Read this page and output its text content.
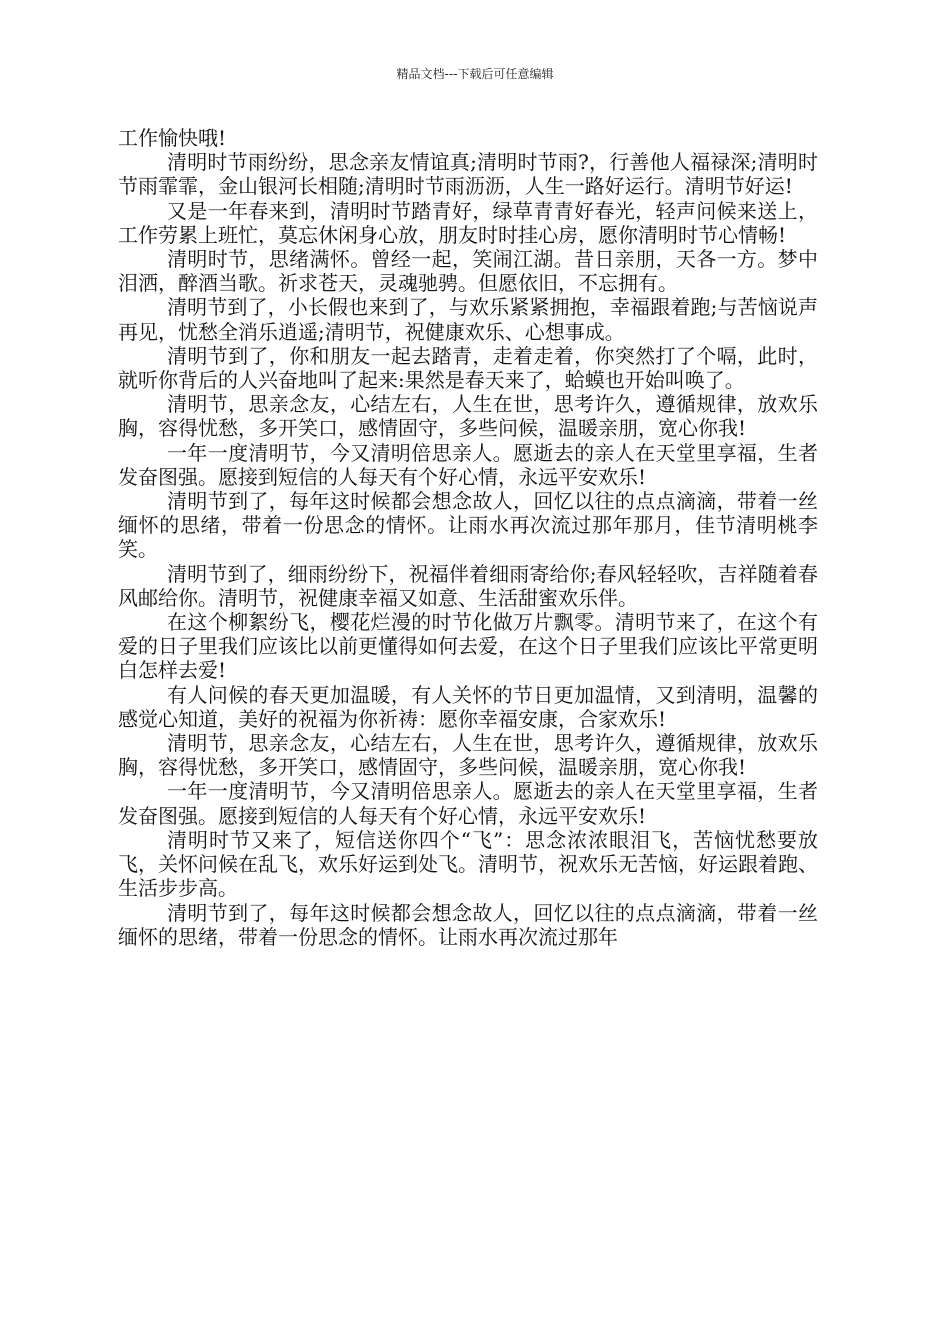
精品文档---下载后可任意编辑

工作愉快哦!

清明时节雨纷纷，思念亲友情谊真;清明时节雨?，行善他人福禄深;清明时节雨霏霏，金山银河长相随;清明时节雨沥沥，人生一路好运行。清明节好运!

又是一年春来到，清明时节踏青好，绿草青青好春光，轻声问候来送上，工作劳累上班忙，莫忘休闲身心放，朋友时时挂心房，愿你清明时节心情畅!

清明时节，思绪满怀。曾经一起，笑闹江湖。昔日亲朋，天各一方。梦中泪洒，醉酒当歌。祈求苍天，灵魂驰骋。但愿依旧，不忘拥有。

清明节到了，小长假也来到了，与欢乐紧紧拥抱，幸福跟着跑;与苦恼说声再见，忧愁全消乐逍遥;清明节，祝健康欢乐、心想事成。

清明节到了，你和朋友一起去踏青，走着走着，你突然打了个嗝，此时，就听你背后的人兴奋地叫了起来:果然是春天来了，蛤蟆也开始叫唤了。

清明节，思亲念友，心结左右，人生在世，思考许久，遵循规律，放欢乐胸，容得忧愁，多开笑口，感情固守，多些问候，温暖亲朋，宽心你我!

一年一度清明节，今又清明倍思亲人。愿逝去的亲人在天堂里享福，生者发奋图强。愿接到短信的人每天有个好心情，永远平安欢乐!

清明节到了，每年这时候都会想念故人，回忆以往的点点滴滴，带着一丝缅怀的思绪，带着一份思念的情怀。让雨水再次流过那年那月，佳节清明桃李笑。

清明节到了，细雨纷纷下，祝福伴着细雨寄给你;春风轻轻吹，吉祥随着春风邮给你。清明节，祝健康幸福又如意、生活甜蜜欢乐伴。

在这个柳絮纷飞，樱花烂漫的时节化做万片飘零。清明节来了，在这个有爱的日子里我们应该比以前更懂得如何去爱，在这个日子里我们应该比平常更明白怎样去爱!

有人问候的春天更加温暖，有人关怀的节日更加温情，又到清明，温馨的感觉心知道，美好的祝福为你祈祷：愿你幸福安康，合家欢乐!

清明节，思亲念友，心结左右，人生在世，思考许久，遵循规律，放欢乐胸，容得忧愁，多开笑口，感情固守，多些问候，温暖亲朋，宽心你我!

一年一度清明节，今又清明倍思亲人。愿逝去的亲人在天堂里享福，生者发奋图强。愿接到短信的人每天有个好心情，永远平安欢乐!

清明时节又来了，短信送你四个“飞”：思念浓浓眼泪飞，苦恼忧愁要放飞，关怀问候在乱飞，欢乐好运到处飞。清明节，祝欢乐无苦恼，好运跟着跑、生活步步高。

清明节到了，每年这时候都会想念故人，回忆以往的点点滴滴，带着一丝缅怀的思绪，带着一份思念的情怀。让雨水再次流过那年
